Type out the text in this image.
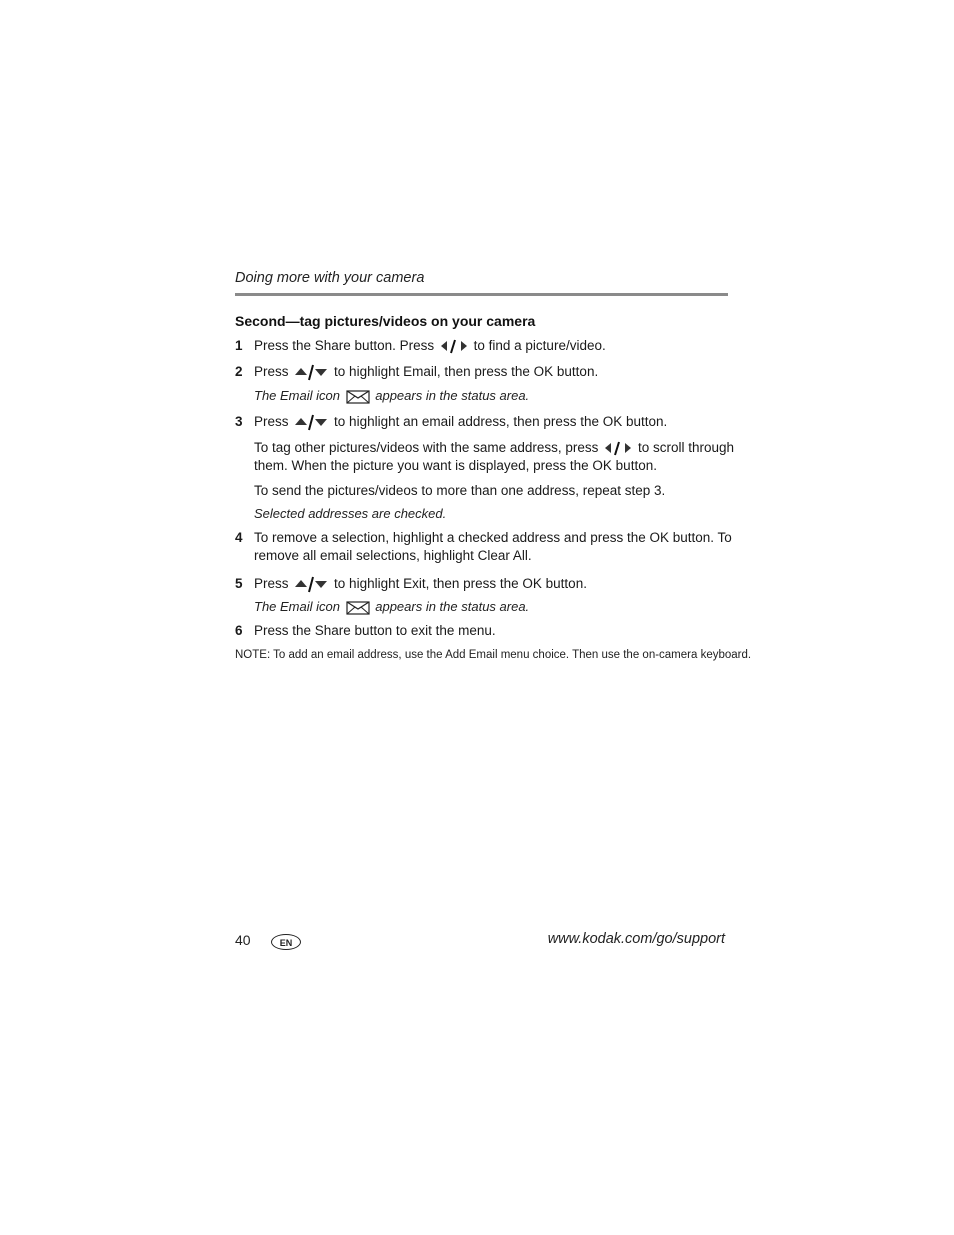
Doing more with your camera
Second—tag pictures/videos on your camera
1 Press the Share button. Press	to find a picture/video.
2 Press	to highlight Email, then press the OK button.
The Email icon	appears in the status area.
3 Press	to highlight an email address, then press the OK button.
To tag other pictures/videos with the same address, press	to scroll through
them. When the picture you want is displayed, press the OK button.
To send the pictures/videos to more than one address, repeat step 3.
Selected addresses are checked.
4 To remove a selection, highlight a checked address and press the OK button. To
remove all email selections, highlight Clear All.
5 Press	to highlight Exit, then press the OK button.
The Email icon	appears in the status area.
6 Press the Share button to exit the menu.
NOTE: To add an email address, use the Add Email menu choice. Then use the on-camera keyboard.
40	EN	www.kodak.com/go/support
